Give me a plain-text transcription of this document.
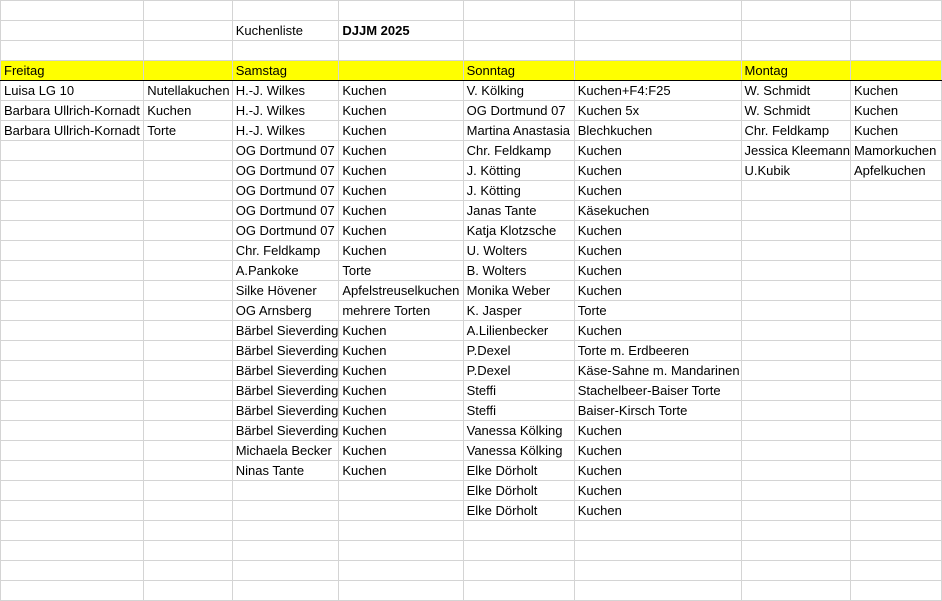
		Kuchenliste	DJJM 2025				

Freitag		Samstag		Sonntag		Montag	
Luisa LG 10	Nutellakuchen	H.-J. Wilkes	Kuchen	V. Kölking	Kuchen+F4:F25	W. Schmidt	Kuchen
Barbara Ullrich-Kornadt	Kuchen	H.-J. Wilkes	Kuchen	OG Dortmund 07	Kuchen 5x	W. Schmidt	Kuchen
Barbara Ullrich-Kornadt	Torte	H.-J. Wilkes	Kuchen	Martina Anastasia	Blechkuchen	Chr. Feldkamp	Kuchen
		OG Dortmund 07	Kuchen	Chr. Feldkamp	Kuchen	Jessica Kleemann	Mamorkuchen
		OG Dortmund 07	Kuchen	J. Kötting	Kuchen	U.Kubik	Apfelkuchen
		OG Dortmund 07	Kuchen	J. Kötting	Kuchen		
		OG Dortmund 07	Kuchen	Janas Tante	Käsekuchen		
		OG Dortmund 07	Kuchen	Katja Klotzsche	Kuchen		
		Chr. Feldkamp	Kuchen	U. Wolters	Kuchen		
		A.Pankoke	Torte	B. Wolters	Kuchen		
		Silke Hövener	Apfelstreuselkuchen	Monika Weber	Kuchen		
		OG Arnsberg	mehrere Torten	K. Jasper	Torte		
		Bärbel Sieverding	Kuchen	A.Lilienbecker	Kuchen		
		Bärbel Sieverding	Kuchen	P.Dexel	Torte m. Erdbeeren		
		Bärbel Sieverding	Kuchen	P.Dexel	Käse-Sahne m. Mandarinen		
		Bärbel Sieverding	Kuchen	Steffi	Stachelbeer-Baiser Torte		
		Bärbel Sieverding	Kuchen	Steffi	Baiser-Kirsch Torte		
		Bärbel Sieverding	Kuchen	Vanessa Kölking	Kuchen		
		Michaela Becker	Kuchen	Vanessa Kölking	Kuchen		
		Ninas Tante	Kuchen	Elke Dörholt	Kuchen		
				Elke Dörholt	Kuchen		
				Elke Dörholt	Kuchen		
